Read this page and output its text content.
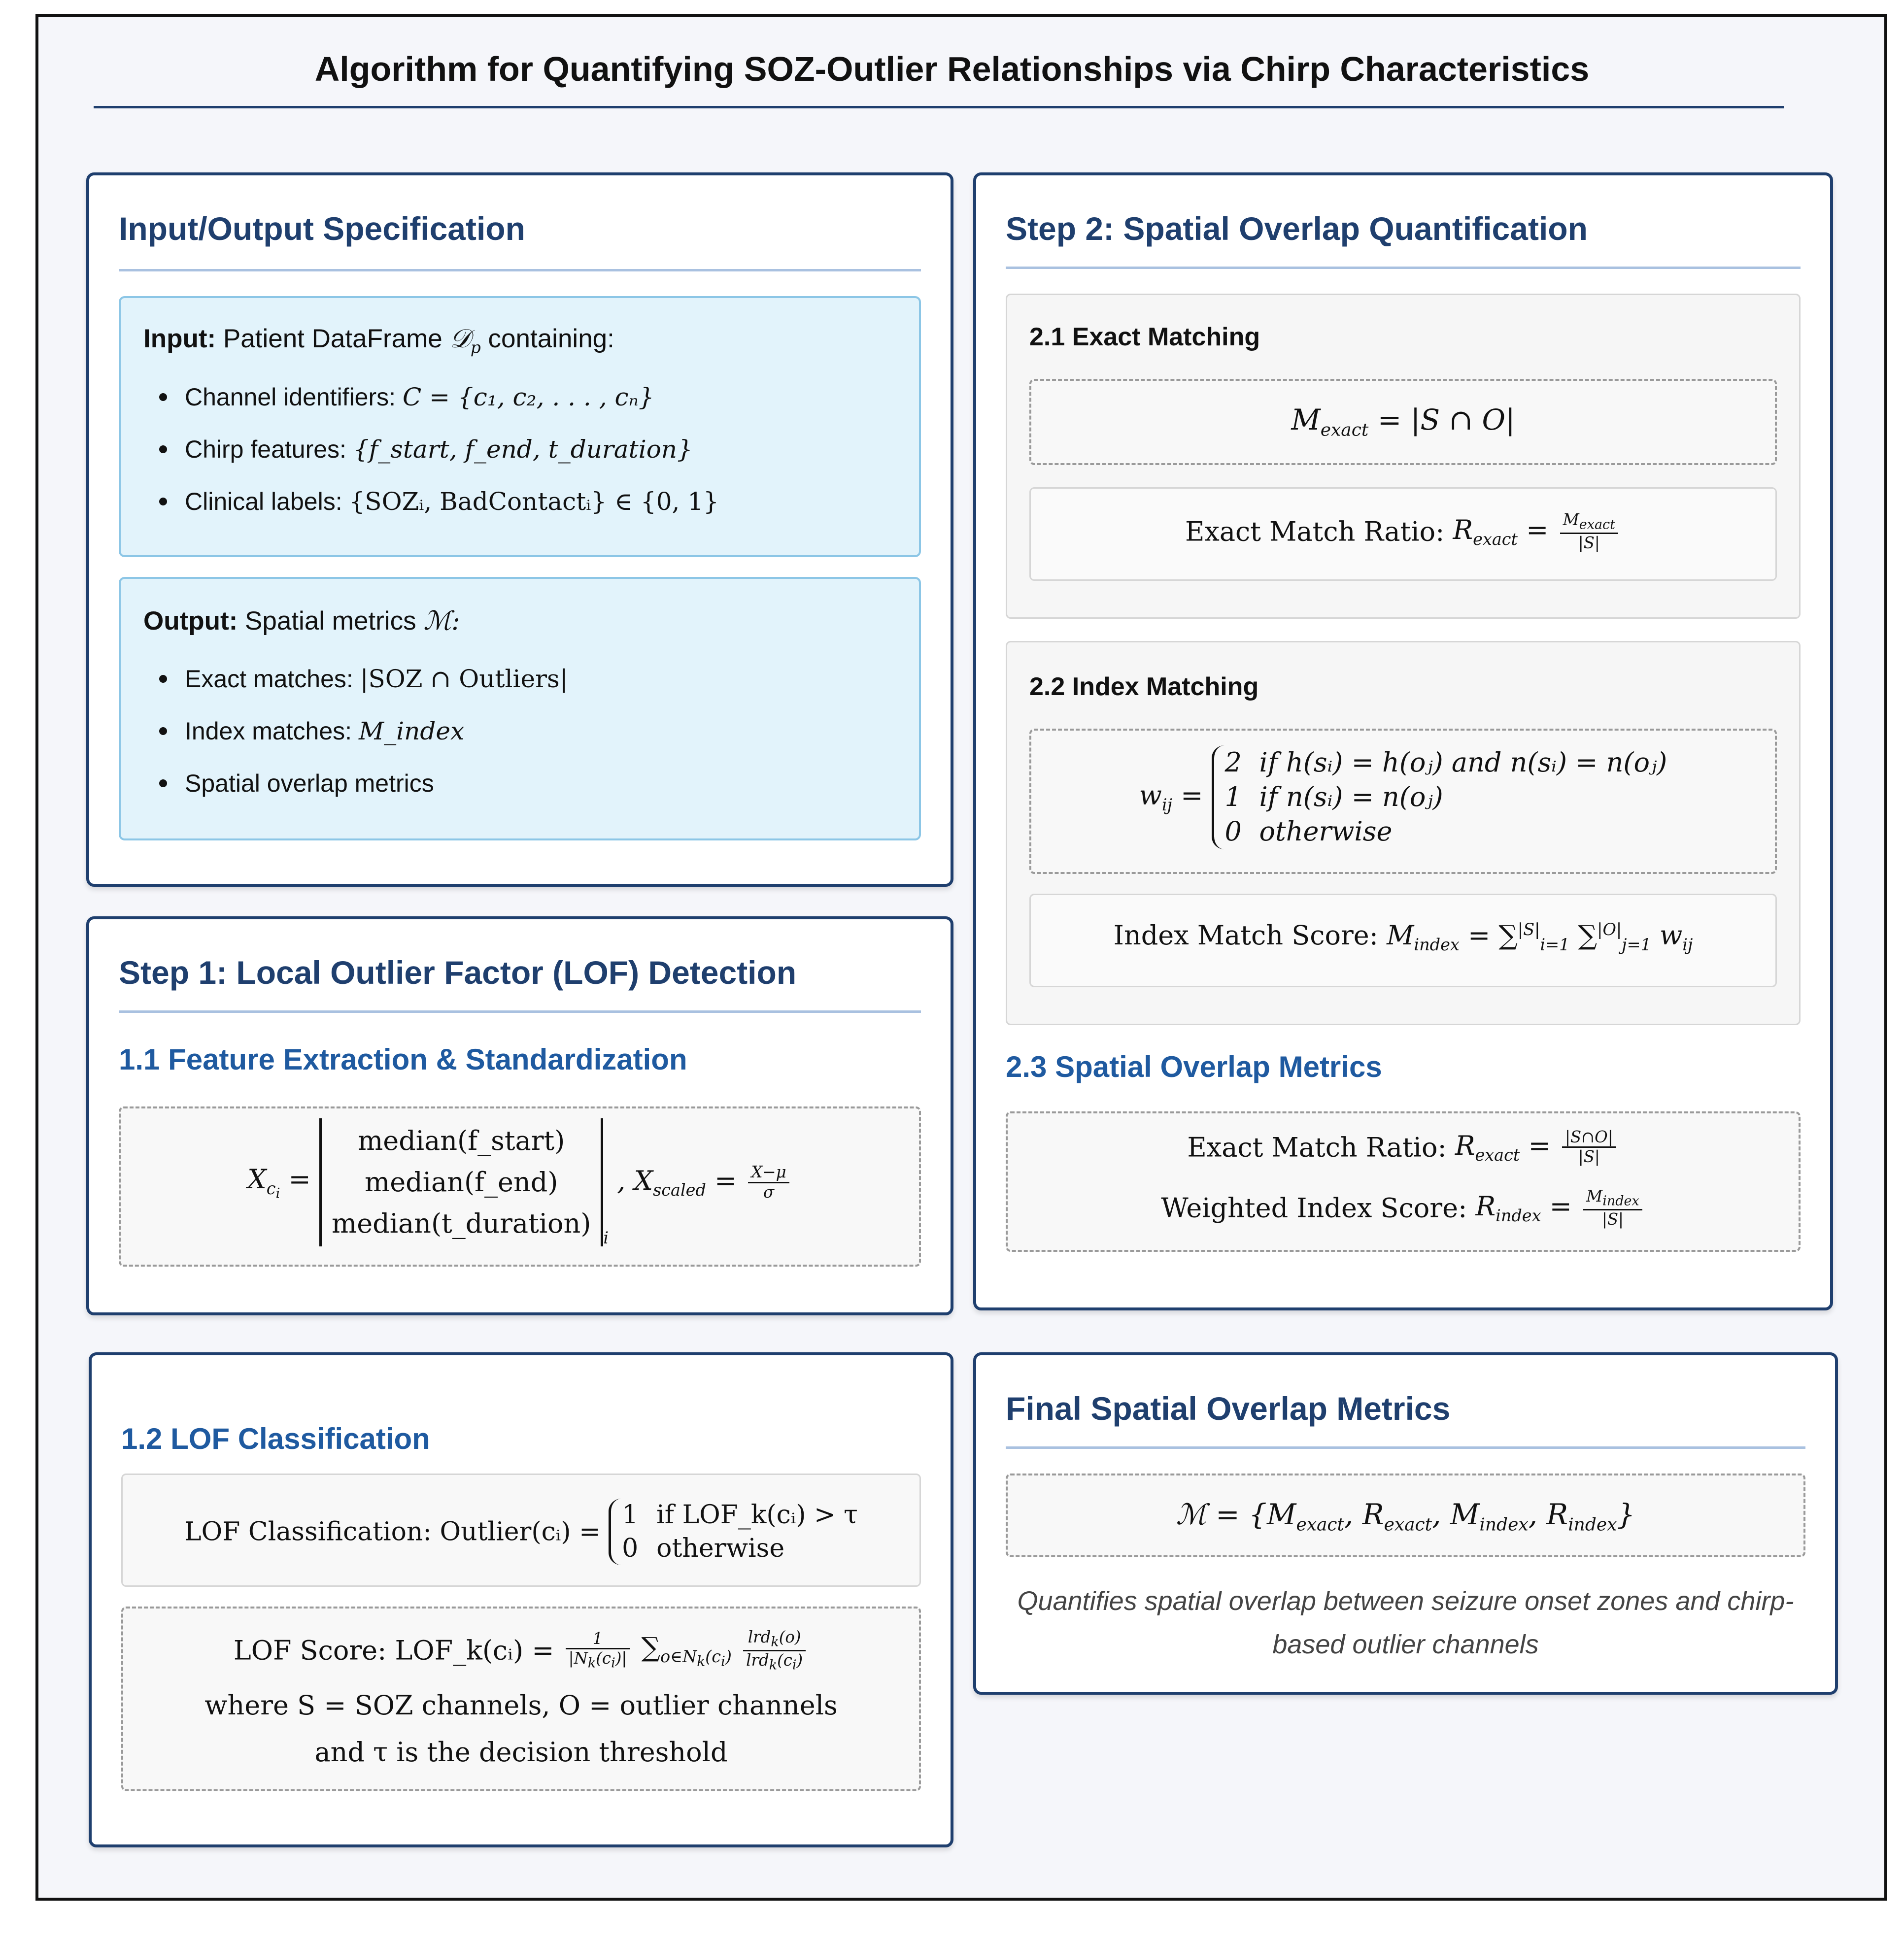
Algorithm for Quantifying SOZ-Outlier Relationships via Chirp Characteristics
Input/Output Specification
Input: Patient DataFrame 𝒟$_p$ containing:
Channel identifiers: C = {c₁, c₂, . . . , cₙ}
Chirp features: {f_start, f_end, t_duration}
Clinical labels: {SOZᵢ, BadContactᵢ} ∈ {0, 1}
Output: Spatial metrics ℳ:
Exact matches: |SOZ ∩ Outliers|
Index matches: M_index
Spatial overlap metrics
Step 1: Local Outlier Factor (LOF) Detection
1.1 Feature Extraction & Standardization
$X_{c_i}$ =
median(f_start)
median(f_end)
median(t_duration) $_i$ , $X_{scaled} = \frac{X-\mu}{\sigma}$
1.2 LOF Classification
LOF Classification: Outlier(cᵢ) =
1 if LOF_k(cᵢ) > τ
0 otherwise
LOF Score: LOF_k(cᵢ) = $\frac{1}{|N_k(c_i)|} \sum_{o\in N_k(c_i)} \frac{lrd_k(o)}{lrd_k(c_i)}$
where S = SOZ channels, O = outlier channels
and τ is the decision threshold
Step 2: Spatial Overlap Quantification
2.1 Exact Matching
$M_{exact} = |S$ ∩ O|
Exact Match Ratio: $R_{exact} = \frac{M_{exact}}{|S|}$
2.2 Index Matching
$w_{ij}$ =
2 if h(sᵢ) = h(oⱼ) and n(sᵢ) = n(oⱼ)
1 if n(sᵢ) = n(oⱼ)
0 otherwise
Index Match Score: $M_{index} = \sum^{|S|}_{i=1}$ ∑$^{|O|}_{j=1}$ $w_{ij}$
2.3 Spatial Overlap Metrics
Exact Match Ratio: $R_{exact} = \frac{|S\cap O|}{|S|}$
Weighted Index Score: $R_{index} = \frac{M_{index}}{|S|}$
Final Spatial Overlap Metrics
ℳ = {$M_{exact}$, $R_{exact}$, $M_{index}$, $R_{index}$}
Quantifies spatial overlap between seizure onset zones and chirp-
based outlier channels
